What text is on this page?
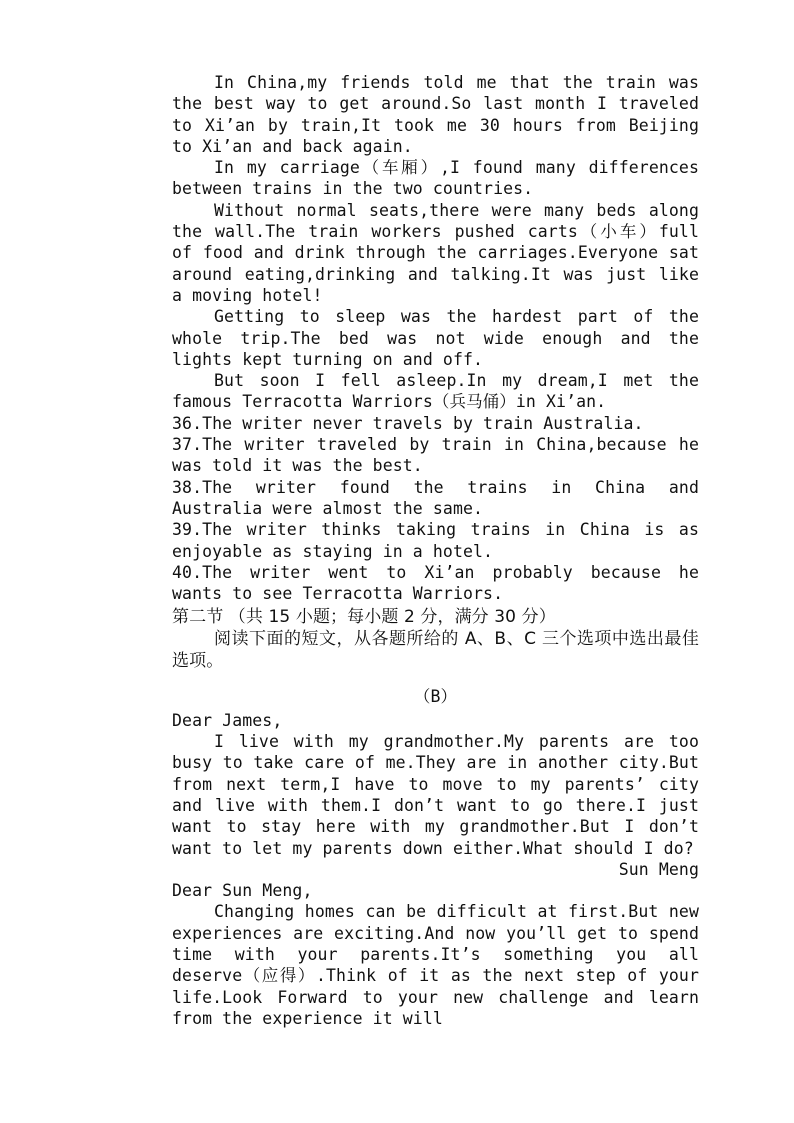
In China,my friends told me that the train was the best way to get around.So last month I traveled to Xi’an by train,It took me 30 hours from Beijing to Xi’an and back again.

In my carriage（车厢）,I found many differences between trains in the two countries.

Without normal seats,there were many beds along the wall.The train workers pushed carts（小车）full of food and drink through the carriages.Everyone sat around eating,drinking and talking.It was just like a moving hotel!

Getting to sleep was the hardest part of the whole trip.The bed was not wide enough and the lights kept turning on and off.

But soon I fell asleep.In my dream,I met the famous Terracotta Warriors（兵马俑）in Xi’an.

36.The writer never travels by train Australia.

37.The writer traveled by train in China,because he was told it was the best.

38.The writer found the trains in China and Australia were almost the same.

39.The writer thinks taking trains in China is as enjoyable as staying in a hotel.

40.The writer went to Xi’an probably because he wants to see Terracotta Warriors.

第二节 （共 15 小题；每小题 2 分，满分 30 分）

阅读下面的短文，从各题所给的 A、B、C 三个选项中选出最佳选项。

（B）

Dear James,

I live with my grandmother.My parents are too busy to take care of me.They are in another city.But from next term,I have to move to my parents’ city and live with them.I don’t want to go there.I just want to stay here with my grandmother.But I don’t want to let my parents down either.What should I do?

Sun Meng

Dear Sun Meng,

Changing homes can be difficult at first.But new experiences are exciting.And now you’ll get to spend time with your parents.It’s something you all deserve（应得）.Think of it as the next step of your life.Look Forward to your new challenge and learn from the experience it will
